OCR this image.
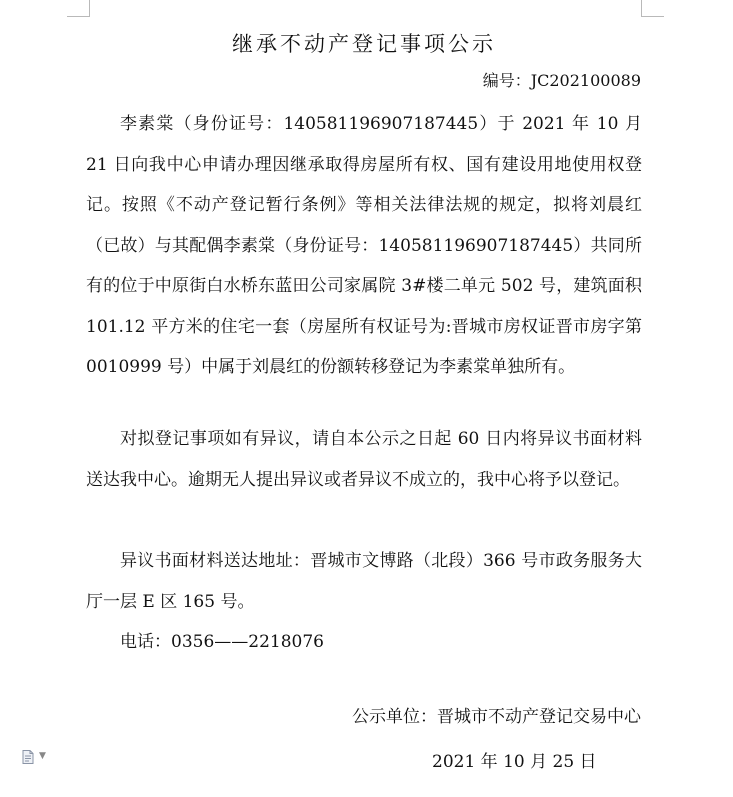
继承不动产登记事项公示
编号：JC202100089

李素棠（身份证号：140581196907187445）于 2021 年 10 月 21 日向我中心申请办理因继承取得房屋所有权、国有建设用地使用权登记。按照《不动产登记暂行条例》等相关法律法规的规定，拟将刘晨红（已故）与其配偶李素棠（身份证号：140581196907187445）共同所有的位于中原街白水桥东蓝田公司家属院 3#楼二单元 502 号，建筑面积 101.12 平方米的住宅一套（房屋所有权证号为:晋城市房权证晋市房字第 0010999 号）中属于刘晨红的份额转移登记为李素棠单独所有。

对拟登记事项如有异议，请自本公示之日起 60 日内将异议书面材料送达我中心。逾期无人提出异议或者异议不成立的，我中心将予以登记。

异议书面材料送达地址：晋城市文博路（北段）366 号市政务服务大厅一层 E 区 165 号。

电话：0356——2218076

公示单位：晋城市不动产登记交易中心
2021 年 10 月 25 日
▼
